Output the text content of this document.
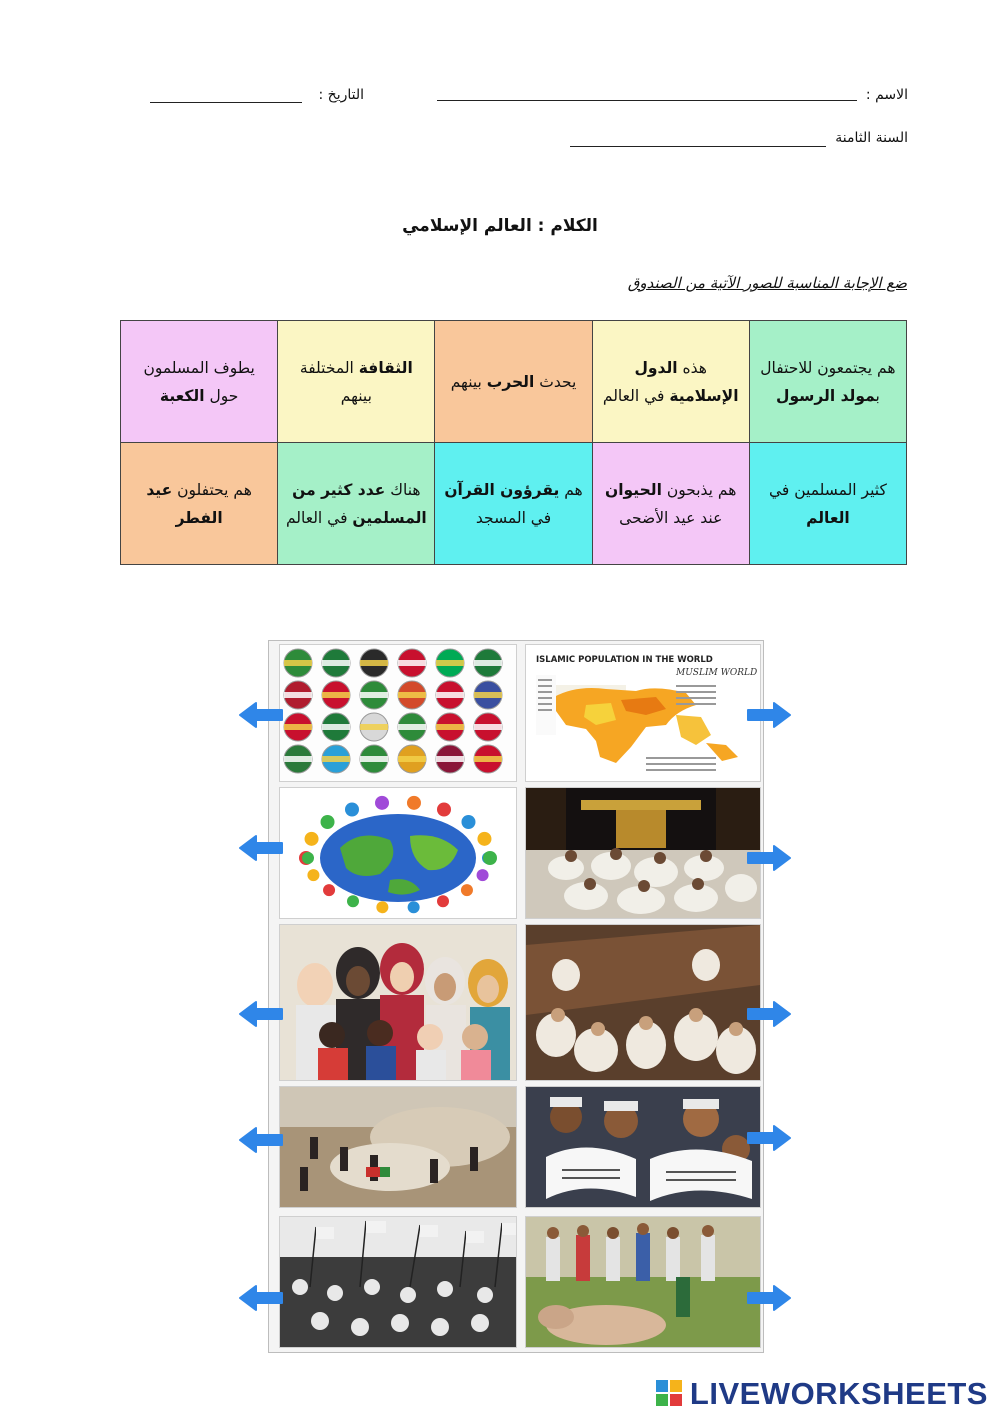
الاسم :
التاريخ :
السنة الثامنة
الكلام : العالم الإسلامي
ضع الإجابة المناسبة للصور الآتية من الصندوق
هم يجتمعون للاحتفال بمولد الرسول	هذه الدول الإسلامية في العالم	يحدث الحرب بينهم	الثقافة المختلفة بينهم	يطوف المسلمون حول الكعبة
كثير المسلمين في العالم	هم يذبحون الحيوان عند عيد الأضحى	هم يقرؤون القرآن في المسجد	هناك عدد كثير من المسلمين في العالم	هم يحتفلون عيد الفطر
ISLAMIC POPULATION IN THE WORLD
MUSLIM WORLD
LIVEWORKSHEETS
